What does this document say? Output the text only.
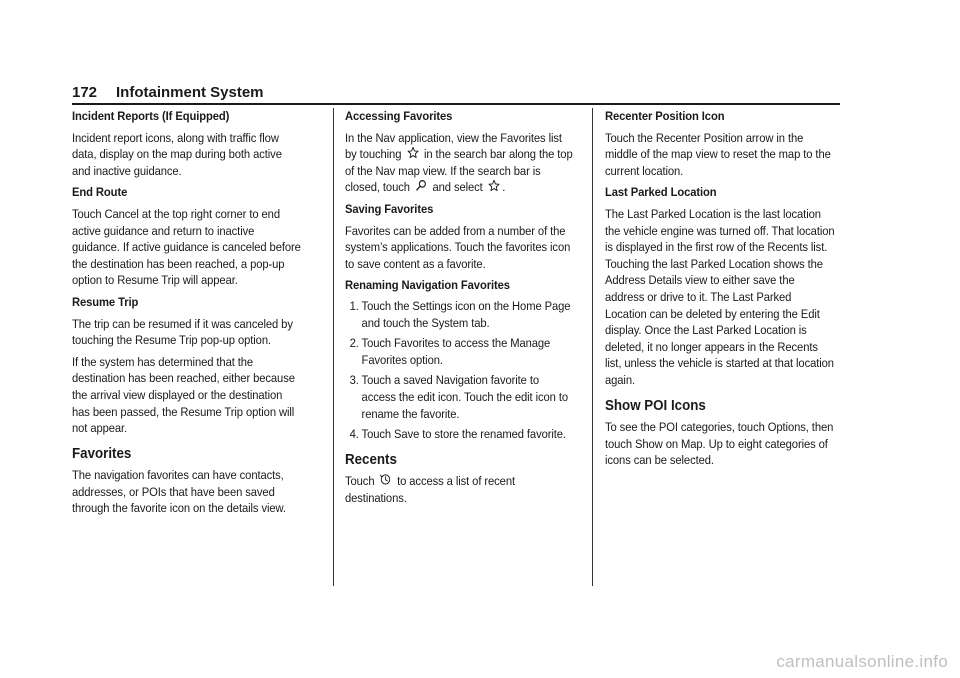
172 Infotainment System
Incident Reports (If Equipped)

Incident report icons, along with traffic flow data, display on the map during both active and inactive guidance.

End Route

Touch Cancel at the top right corner to end active guidance and return to inactive guidance. If active guidance is canceled before the destination has been reached, a pop-up option to Resume Trip will appear.

Resume Trip

The trip can be resumed if it was canceled by touching the Resume Trip pop-up option.

If the system has determined that the destination has been reached, either because the arrival view displayed or the destination has been passed, the Resume Trip option will not appear.

Favorites

The navigation favorites can have contacts, addresses, or POIs that have been saved through the favorite icon on the details view.

Accessing Favorites

In the Nav application, view the Favorites list by touching in the search bar along the top of the Nav map view. If the search bar is closed, touch and select .

Saving Favorites

Favorites can be added from a number of the system’s applications. Touch the favorites icon to save content as a favorite.

Renaming Navigation Favorites
1. Touch the Settings icon on the Home Page and touch the System tab.
2. Touch Favorites to access the Manage Favorites option.
3. Touch a saved Navigation favorite to access the edit icon. Touch the edit icon to rename the favorite.
4. Touch Save to store the renamed favorite.
Recents

Touch to access a list of recent destinations.

Recenter Position Icon

Touch the Recenter Position arrow in the middle of the map view to reset the map to the current location.

Last Parked Location

The Last Parked Location is the last location the vehicle engine was turned off. That location is displayed in the first row of the Recents list. Touching the last Parked Location shows the Address Details view to either save the address or drive to it. The Last Parked Location can be deleted by entering the Edit display. Once the Last Parked Location is deleted, it no longer appears in the Recents list, unless the vehicle is started at that location again.

Show POI Icons

To see the POI categories, touch Options, then touch Show on Map. Up to eight categories of icons can be selected.

carmanualsonline.info
